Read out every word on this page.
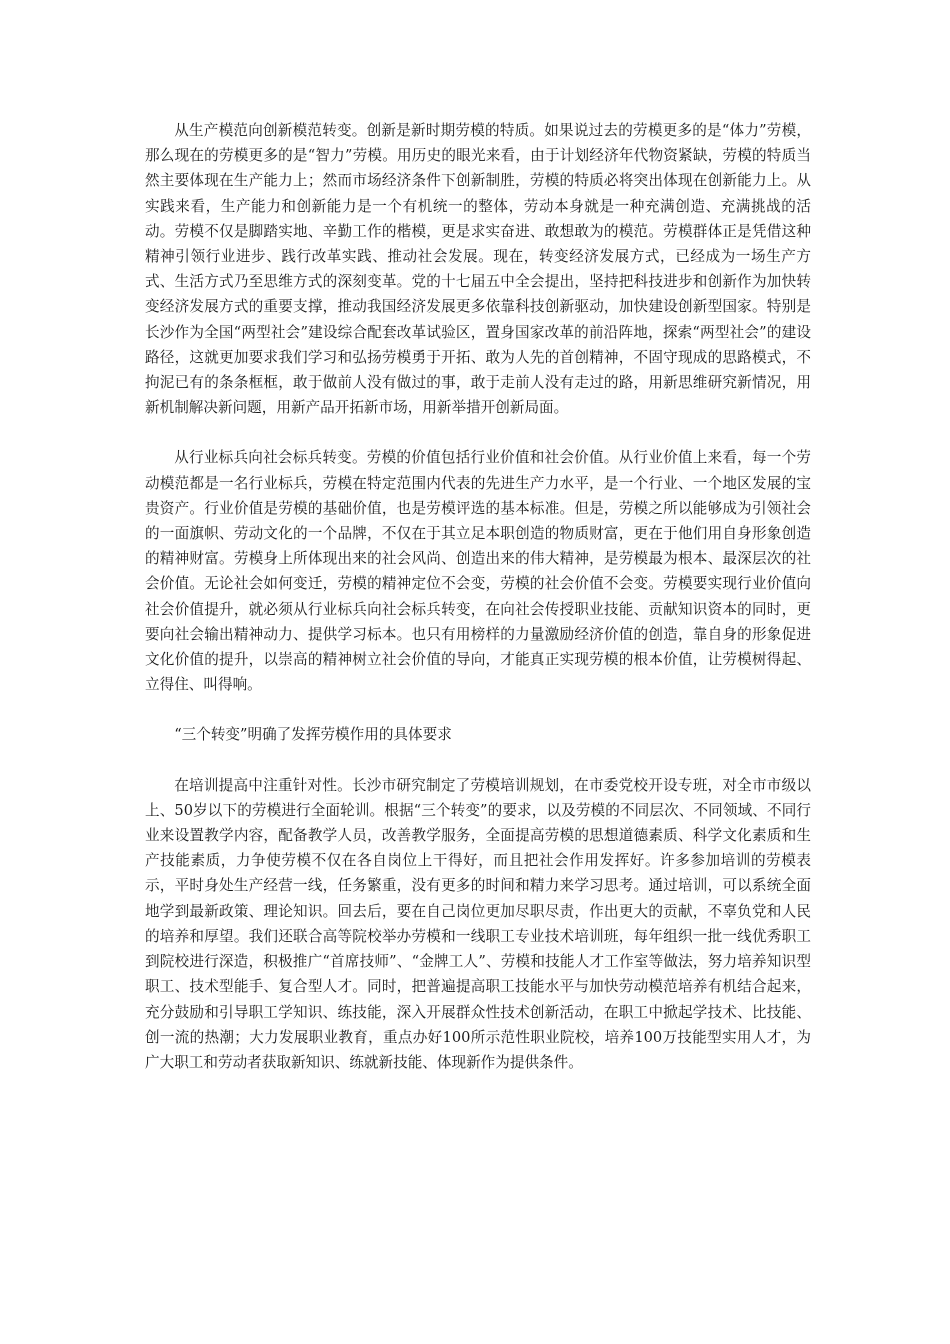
从生产模范向创新模范转变。创新是新时期劳模的特质。如果说过去的劳模更多的是“体力”劳模，那么现在的劳模更多的是“智力”劳模。用历史的眼光来看，由于计划经济年代物资紧缺，劳模的特质当然主要体现在生产能力上；然而市场经济条件下创新制胜，劳模的特质必将突出体现在创新能力上。从实践来看，生产能力和创新能力是一个有机统一的整体，劳动本身就是一种充满创造、充满挑战的活动。劳模不仅是脚踏实地、辛勤工作的楷模，更是求实奋进、敢想敢为的模范。劳模群体正是凭借这种精神引领行业进步、践行改革实践、推动社会发展。现在，转变经济发展方式，已经成为一场生产方式、生活方式乃至思维方式的深刻变革。党的十七届五中全会提出，坚持把科技进步和创新作为加快转变经济发展方式的重要支撑，推动我国经济发展更多依靠科技创新驱动，加快建设创新型国家。特别是长沙作为全国“两型社会”建设综合配套改革试验区，置身国家改革的前沿阵地，探索“两型社会”的建设路径，这就更加要求我们学习和弘扬劳模勇于开拓、敢为人先的首创精神，不固守现成的思路模式，不拘泥已有的条条框框，敢于做前人没有做过的事，敢于走前人没有走过的路，用新思维研究新情况，用新机制解决新问题，用新产品开拓新市场，用新举措开创新局面。

从行业标兵向社会标兵转变。劳模的价值包括行业价值和社会价值。从行业价值上来看，每一个劳动模范都是一名行业标兵，劳模在特定范围内代表的先进生产力水平，是一个行业、一个地区发展的宝贵资产。行业价值是劳模的基础价值，也是劳模评选的基本标准。但是，劳模之所以能够成为引领社会的一面旗帜、劳动文化的一个品牌，不仅在于其立足本职创造的物质财富，更在于他们用自身形象创造的精神财富。劳模身上所体现出来的社会风尚、创造出来的伟大精神，是劳模最为根本、最深层次的社会价值。无论社会如何变迁，劳模的精神定位不会变，劳模的社会价值不会变。劳模要实现行业价值向社会价值提升，就必须从行业标兵向社会标兵转变，在向社会传授职业技能、贡献知识资本的同时，更要向社会输出精神动力、提供学习标本。也只有用榜样的力量激励经济价值的创造，靠自身的形象促进文化价值的提升，以崇高的精神树立社会价值的导向，才能真正实现劳模的根本价值，让劳模树得起、立得住、叫得响。

“三个转变”明确了发挥劳模作用的具体要求

在培训提高中注重针对性。长沙市研究制定了劳模培训规划，在市委党校开设专班，对全市市级以上、50岁以下的劳模进行全面轮训。根据“三个转变”的要求，以及劳模的不同层次、不同领域、不同行业来设置教学内容，配备教学人员，改善教学服务，全面提高劳模的思想道德素质、科学文化素质和生产技能素质，力争使劳模不仅在各自岗位上干得好，而且把社会作用发挥好。许多参加培训的劳模表示，平时身处生产经营一线，任务繁重，没有更多的时间和精力来学习思考。通过培训，可以系统全面地学到最新政策、理论知识。回去后，要在自己岗位更加尽职尽责，作出更大的贡献，不辜负党和人民的培养和厚望。我们还联合高等院校举办劳模和一线职工专业技术培训班，每年组织一批一线优秀职工到院校进行深造，积极推广“首席技师”、“金牌工人”、劳模和技能人才工作室等做法，努力培养知识型职工、技术型能手、复合型人才。同时，把普遍提高职工技能水平与加快劳动模范培养有机结合起来，充分鼓励和引导职工学知识、练技能，深入开展群众性技术创新活动，在职工中掀起学技术、比技能、创一流的热潮；大力发展职业教育，重点办好100所示范性职业院校，培养100万技能型实用人才，为广大职工和劳动者获取新知识、练就新技能、体现新作为提供条件。
